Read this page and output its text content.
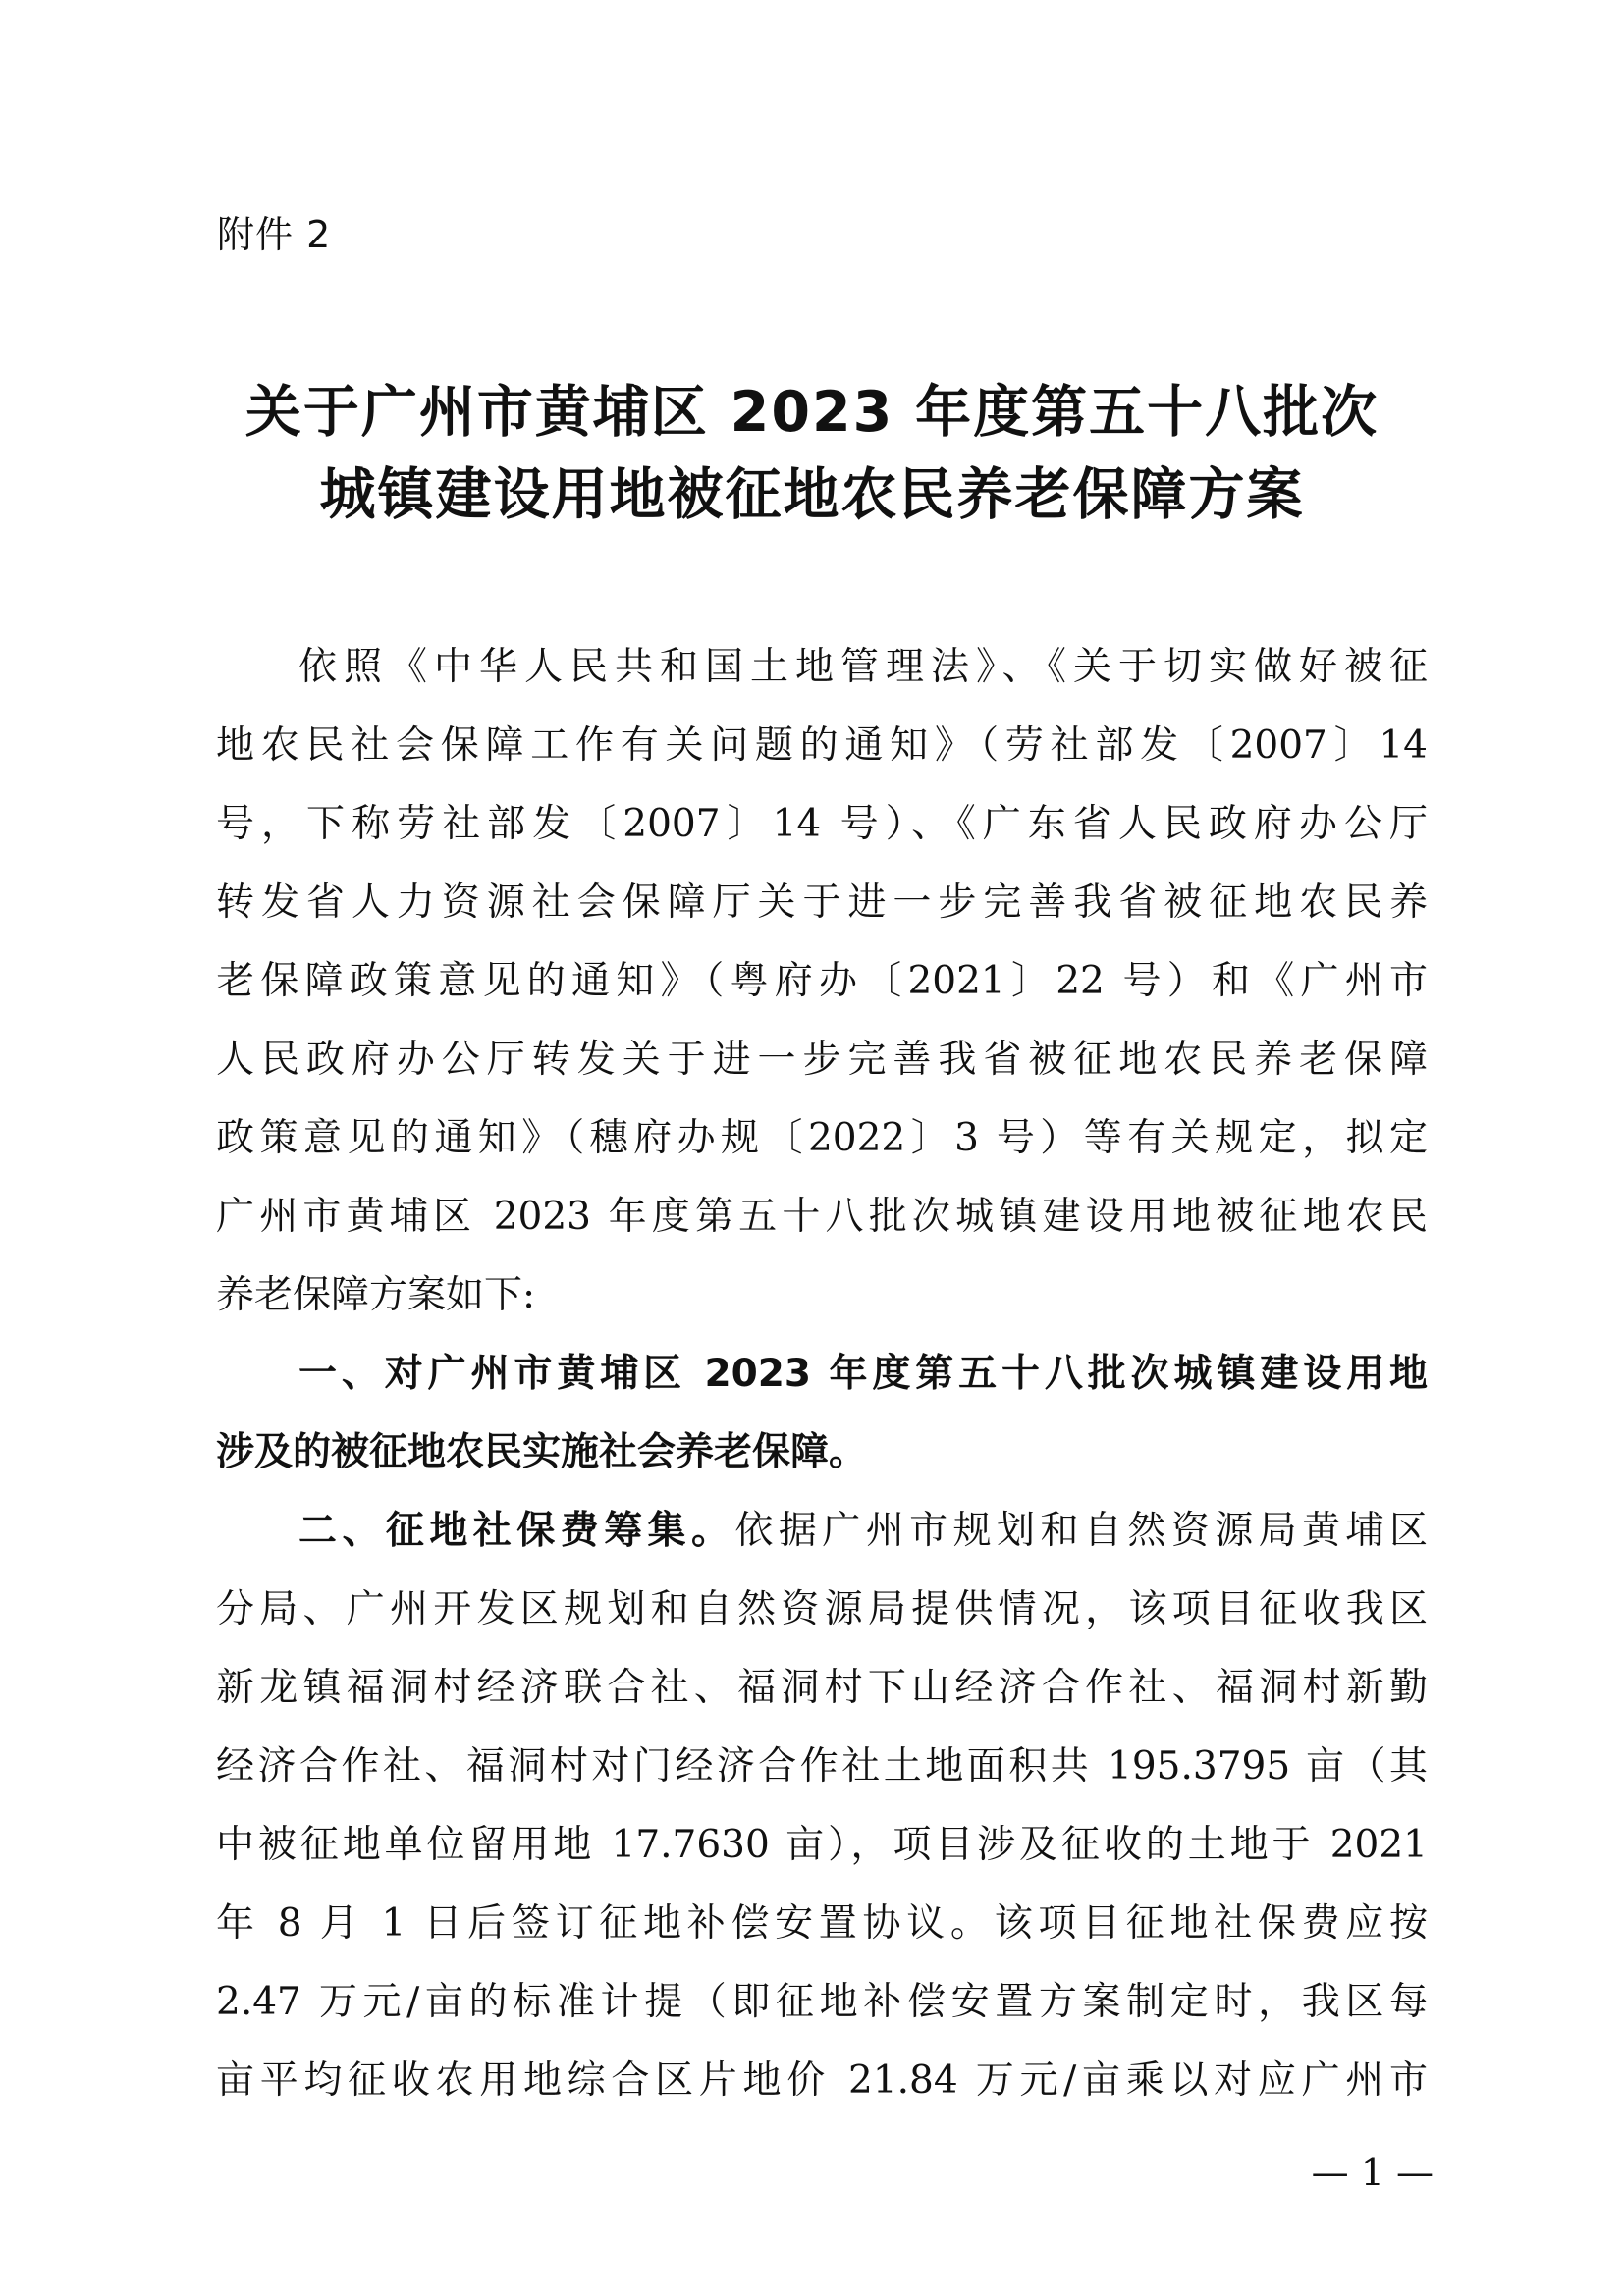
附件 2
关于广州市黄埔区 2023 年度第五十八批次
城镇建设用地被征地农民养老保障方案
依照《中华人民共和国土地管理法》、《关于切实做好被征
地农民社会保障工作有关问题的通知》（劳社部发〔2007〕14
号，下称劳社部发〔2007〕14 号）、《广东省人民政府办公厅
转发省人力资源社会保障厅关于进一步完善我省被征地农民养
老保障政策意见的通知》（粤府办〔2021〕22 号）和《广州市
人民政府办公厅转发关于进一步完善我省被征地农民养老保障
政策意见的通知》（穗府办规〔2022〕3 号）等有关规定，拟定
广州市黄埔区 2023 年度第五十八批次城镇建设用地被征地农民
养老保障方案如下:
一、对广州市黄埔区 2023 年度第五十八批次城镇建设用地
涉及的被征地农民实施社会养老保障。
二、征地社保费筹集。依据广州市规划和自然资源局黄埔区
分局、广州开发区规划和自然资源局提供情况，该项目征收我区
新龙镇福洞村经济联合社、福洞村下山经济合作社、福洞村新勤
经济合作社、福洞村对门经济合作社土地面积共 195.3795 亩（其
中被征地单位留用地 17.7630 亩），项目涉及征收的土地于 2021
年 8 月 1 日后签订征地补偿安置协议。该项目征地社保费应按
2.47 万元/亩的标准计提（即征地补偿安置方案制定时，我区每
亩平均征收农用地综合区片地价 21.84 万元/亩乘以对应广州市
— 1 —
